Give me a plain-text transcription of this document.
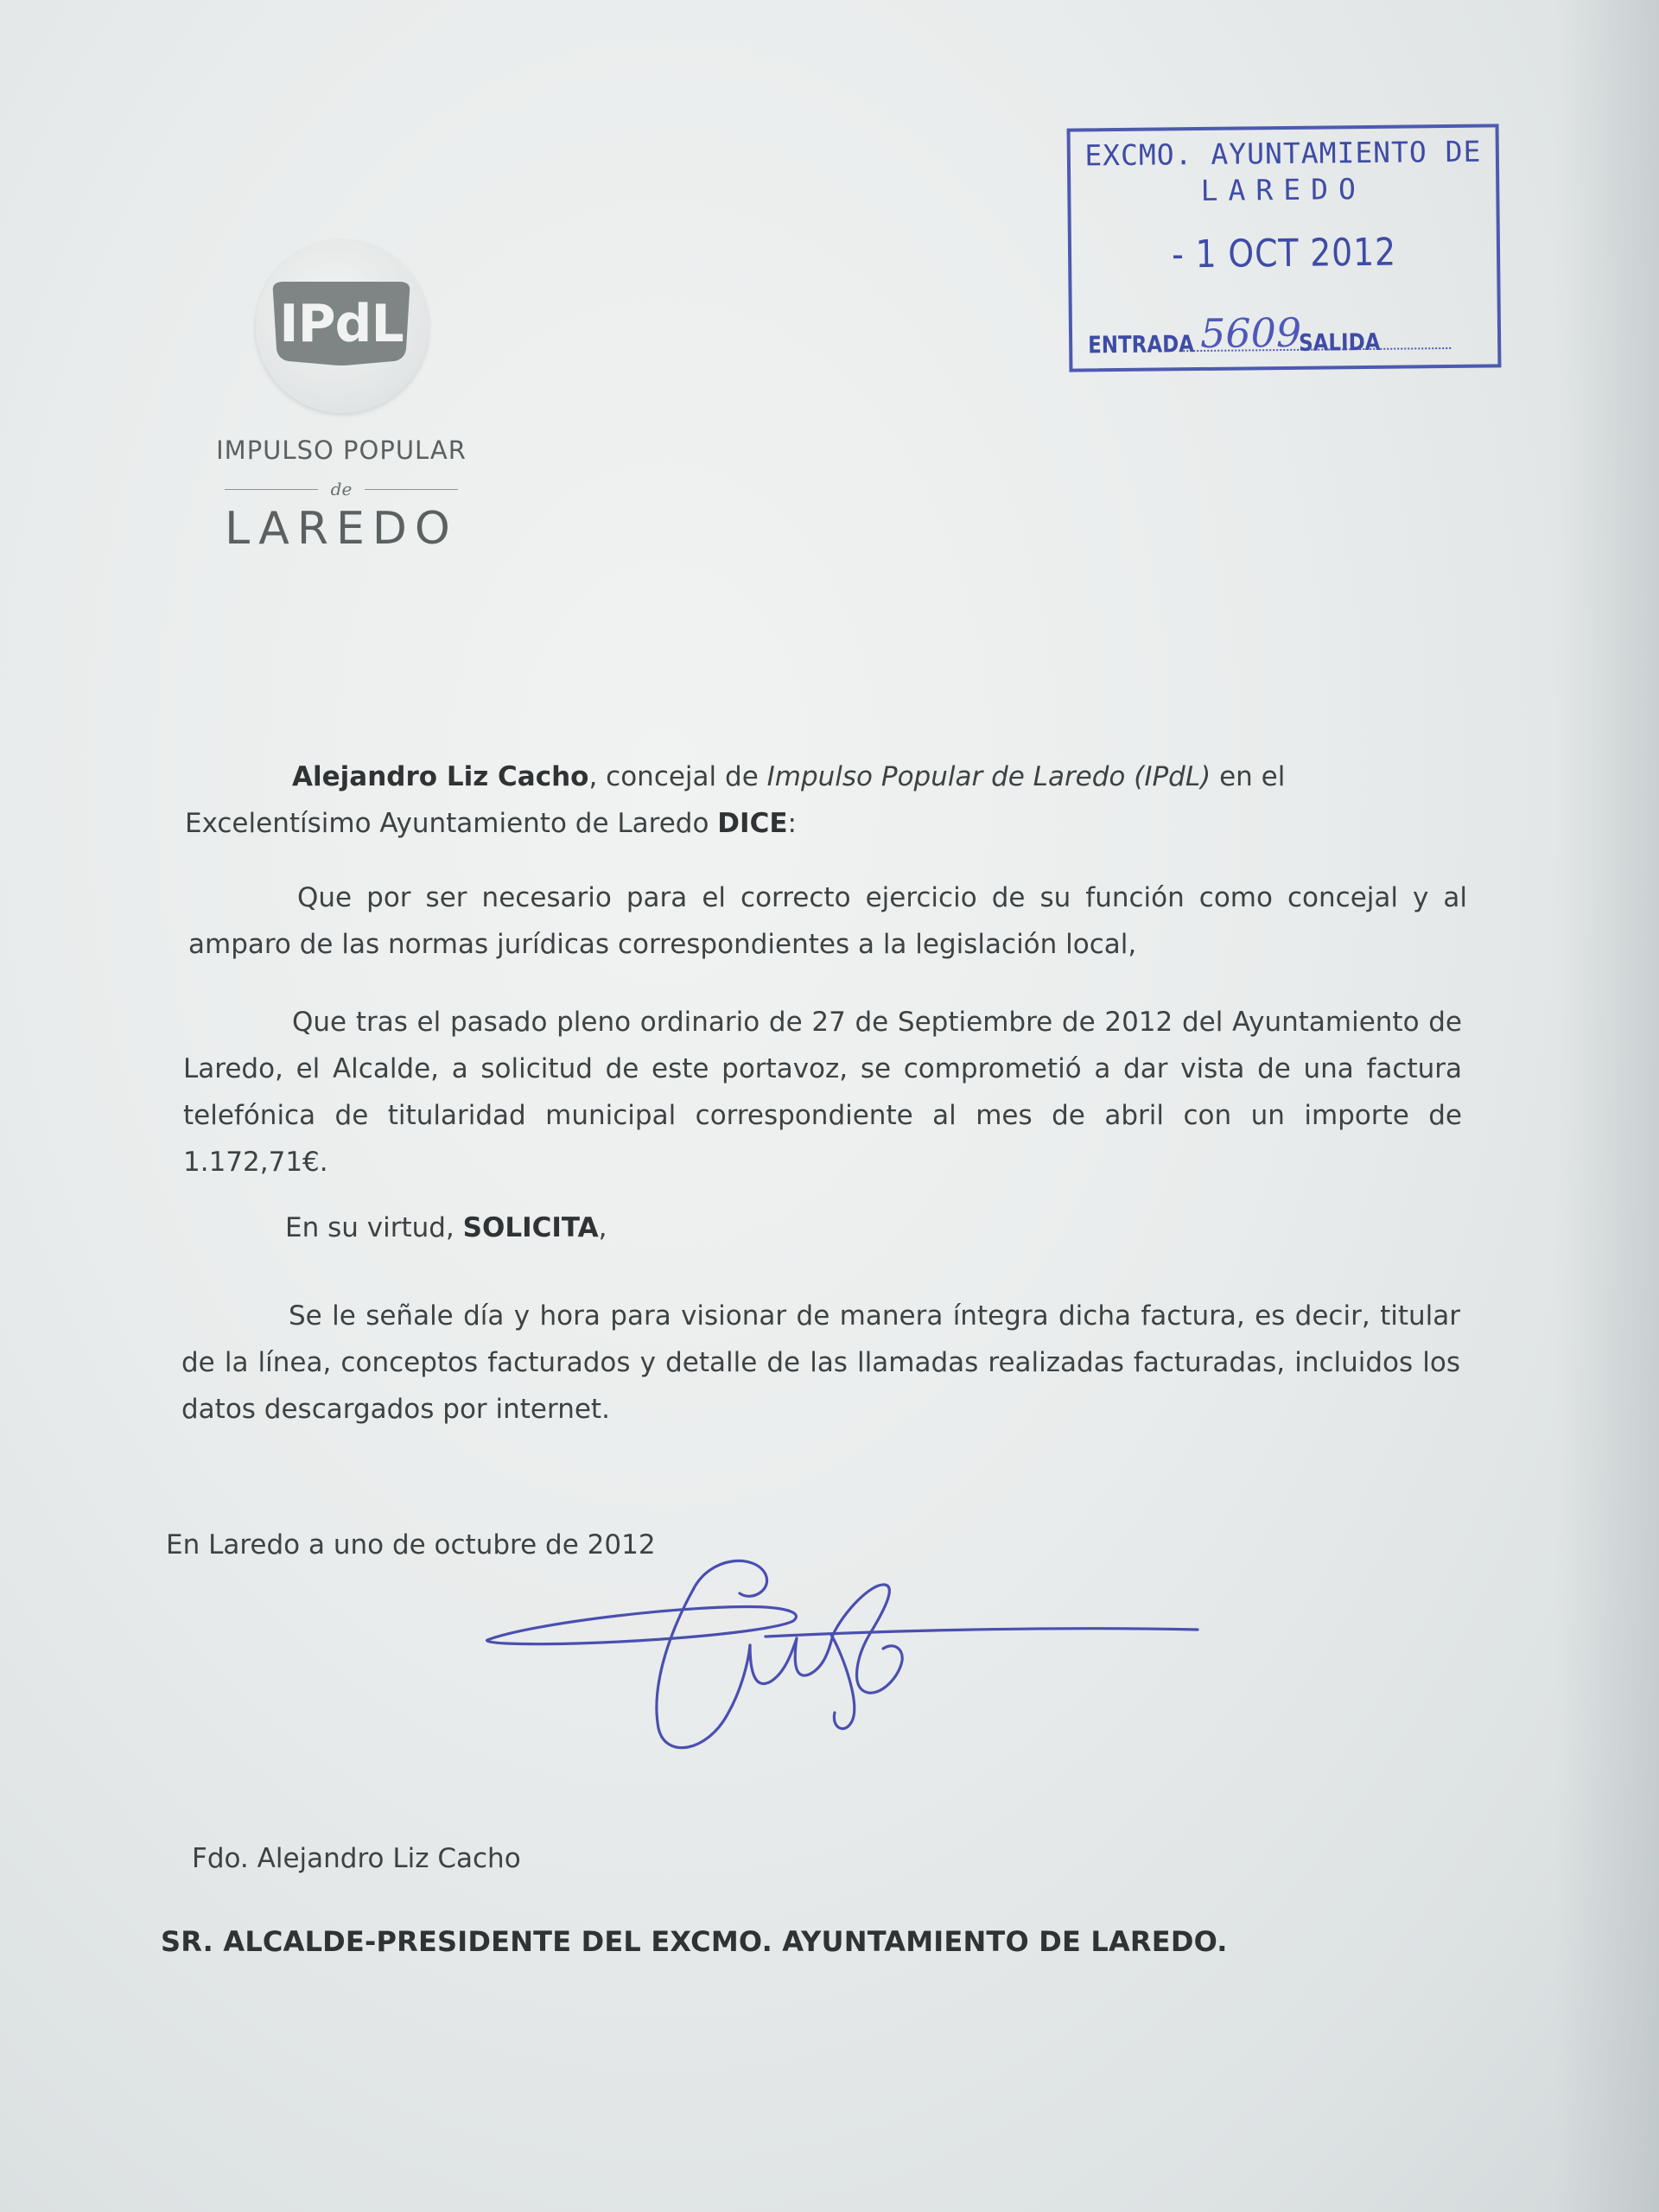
IPdL
IMPULSO POPULAR
de
LAREDO
EXCMO. AYUNTAMIENTO DE
LAREDO
- 1 OCT 2012
ENTRADA 5609
SALIDA
Alejandro Liz Cacho, concejal de Impulso Popular de Laredo (IPdL) en el Excelentísimo Ayuntamiento de Laredo DICE:
Que por ser necesario para el correcto ejercicio de su función como concejal y al amparo de las normas jurídicas correspondientes a la legislación local,
Que tras el pasado pleno ordinario de 27 de Septiembre de 2012 del Ayuntamiento de Laredo, el Alcalde, a solicitud de este portavoz, se comprometió a dar vista de una factura telefónica de titularidad municipal correspondiente al mes de abril con un importe de 1.172,71€.
En su virtud, SOLICITA,
Se le señale día y hora para visionar de manera íntegra dicha factura, es decir, titular de la línea, conceptos facturados y detalle de las llamadas realizadas facturadas, incluidos los datos descargados por internet.
En Laredo a uno de octubre de 2012
Fdo. Alejandro Liz Cacho
SR. ALCALDE-PRESIDENTE DEL EXCMO. AYUNTAMIENTO DE LAREDO.
